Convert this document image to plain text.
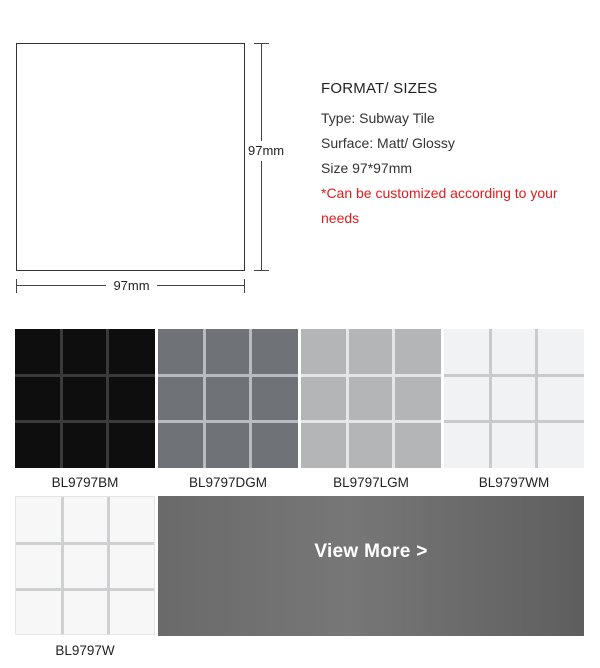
97mm
97mm
FORMAT/ SIZES
Type: Subway Tile
Surface: Matt/ Glossy
Size 97*97mm
*Can be customized according to your needs
BL9797BM	BL9797DGM	BL9797LGM	BL9797WM
BL9797W
View More >
